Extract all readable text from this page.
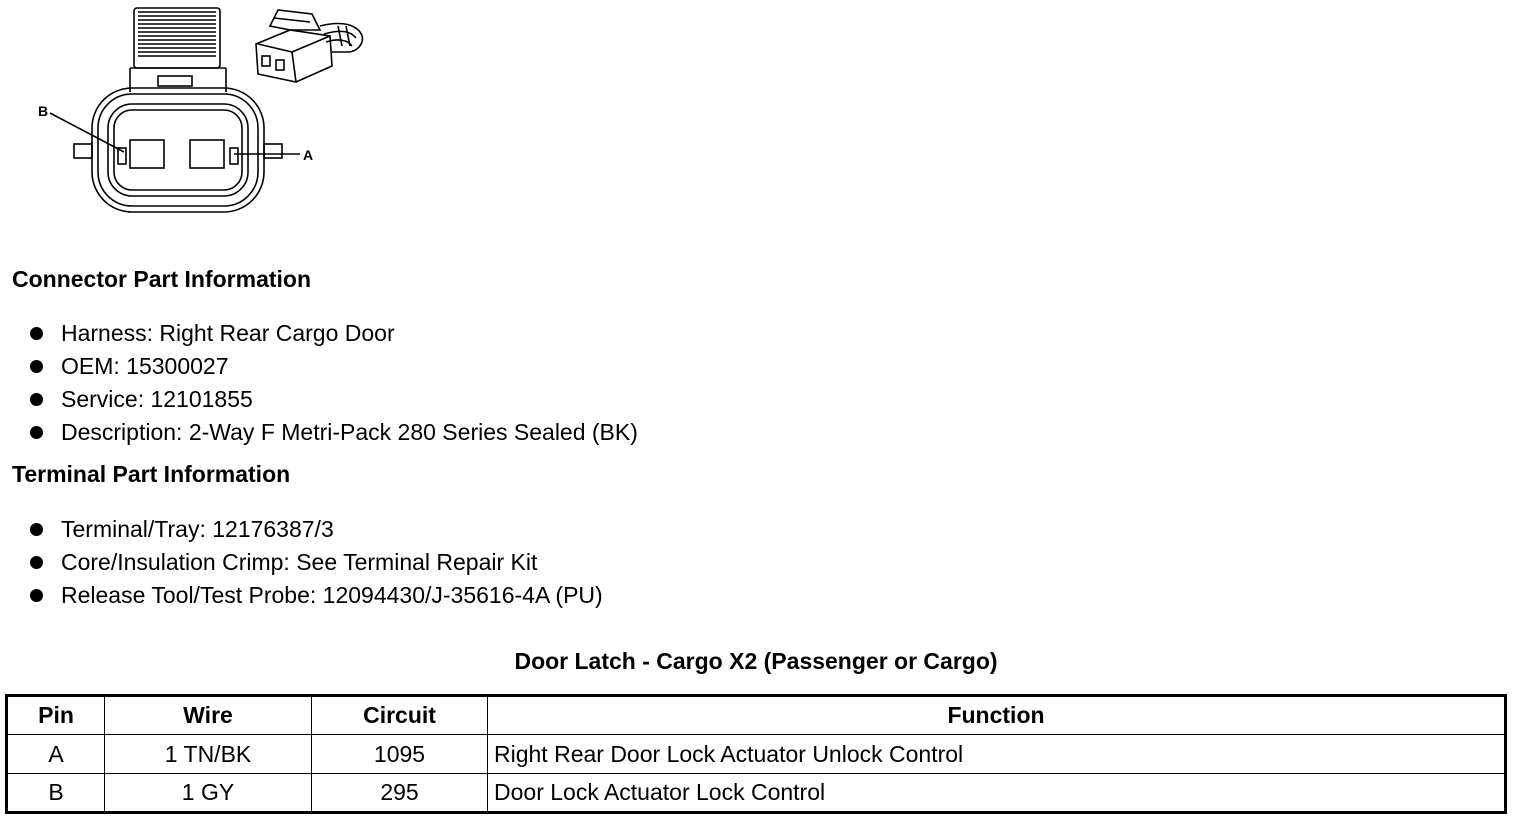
B
A
Connector Part Information
Harness: Right Rear Cargo Door
OEM: 15300027
Service: 12101855
Description: 2-Way F Metri-Pack 280 Series Sealed (BK)
Terminal Part Information
Terminal/Tray: 12176387/3
Core/Insulation Crimp: See Terminal Repair Kit
Release Tool/Test Probe: 12094430/J-35616-4A (PU)
Door Latch - Cargo X2 (Passenger or Cargo)
Pin	Wire	Circuit	Function
A	1 TN/BK	1095	Right Rear Door Lock Actuator Unlock Control
B	1 GY	295	Door Lock Actuator Lock Control
